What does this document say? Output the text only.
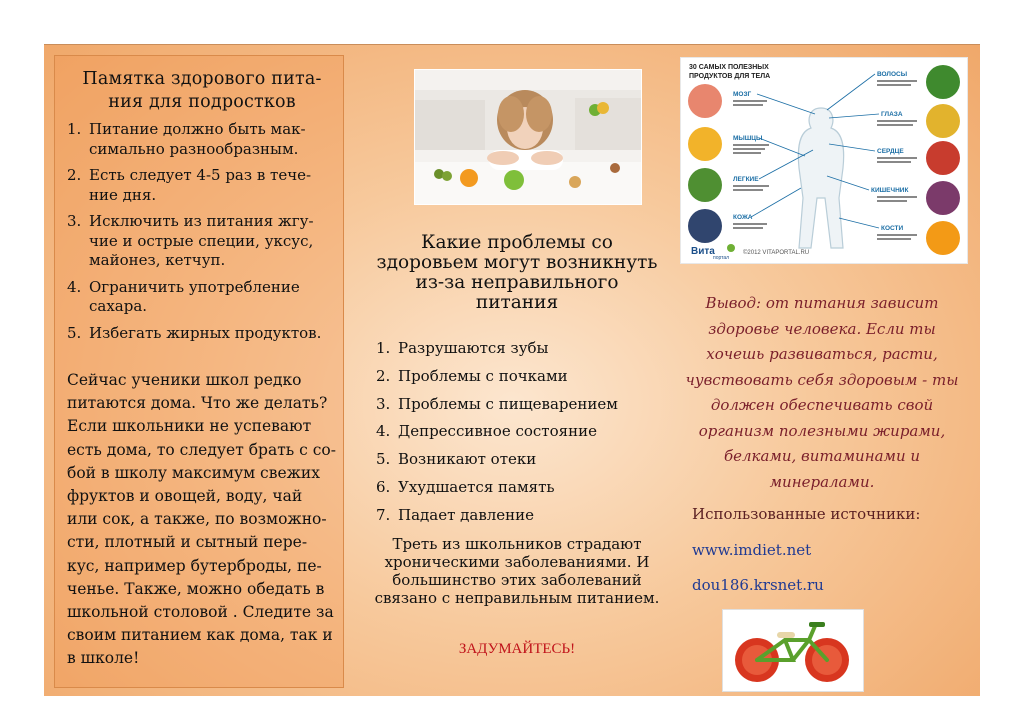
Памятка здорового пита-ния для подростков
1. Питание должно быть мак-симально разнообразным.
2. Есть следует 4-5 раз в тече-ние дня.
3. Исключить из питания жгу-чие и острые специи, уксус, майонез, кетчуп.
4. Ограничить употребление сахара.
5. Избегать жирных продуктов.
Сейчас ученики школ редко питаются дома. Что же делать? Если школьники не успевают есть дома, то следует брать с со-бой в школу максимум свежих фруктов и овощей, воду, чай или сок, а также, по возможно-сти, плотный и сытный пере-кус, например бутерброды, пе-ченье. Также, можно обедать в школьной столовой . Следите за своим питанием как дома, так и в школе!
Какие проблемы со здоровьем могут возникнуть из-за неправильного питания
1. Разрушаются зубы
2. Проблемы с почками
3. Проблемы с пищеварением
4. Депрессивное состояние
5. Возникают отеки
6. Ухудшается память
7. Падает давление
Треть из школьников страдают хроническими заболеваниями. И большинство этих заболеваний связано с неправильным питанием.
ЗАДУМАЙТЕСЬ!
30 САМЫХ ПОЛЕЗНЫХ
ПРОДУКТОВ ДЛЯ ТЕЛА
МОЗГ
МЫШЦЫ
ЛЕГКИЕ
КОЖА
ВОЛОСЫ
ГЛАЗА
СЕРДЦЕ
КИШЕЧНИК
КОСТИ
Вита
портал
©2012 VITAPORTAL.RU
Вывод: от питания зависит здоровье человека. Если ты хочешь развиваться, расти, чувствовать себя здоровым - ты должен обеспечивать свой организм полезными жирами, белками, витаминами и минералами.
Использованные источники:
www.imdiet.net
dou186.krsnet.ru
